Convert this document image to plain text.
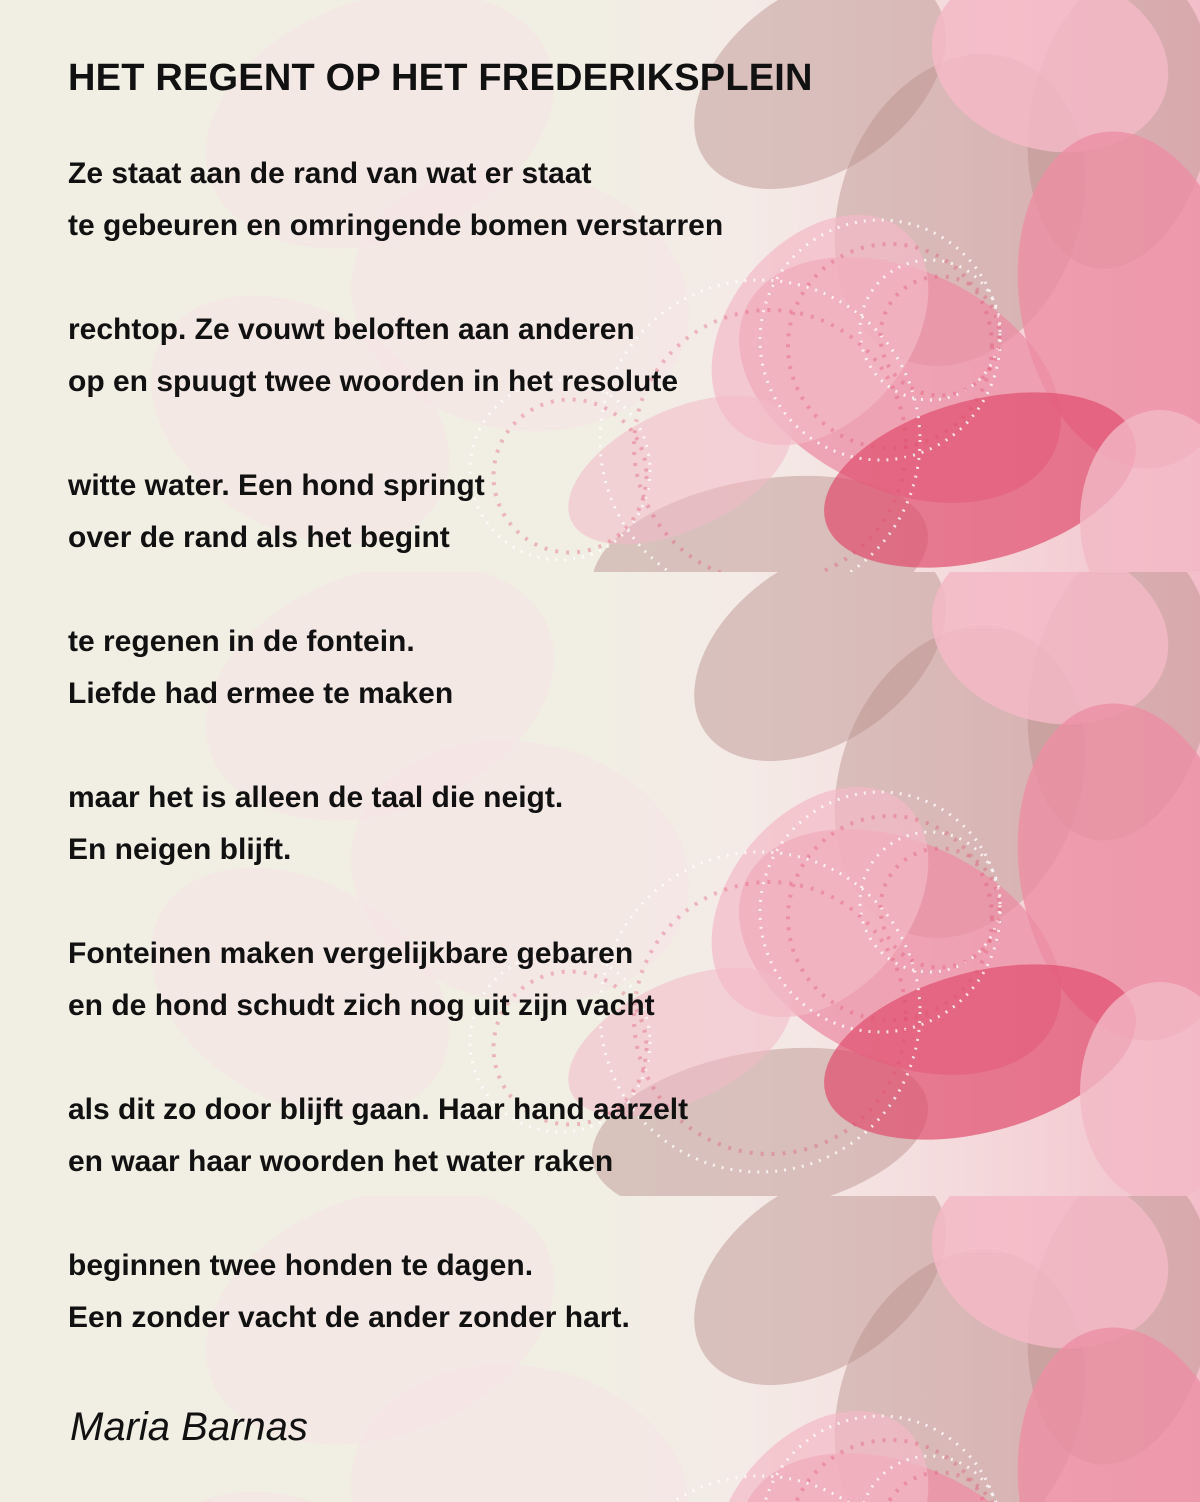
HET REGENT OP HET FREDERIKSPLEIN
Ze staat aan de rand van wat er staat
te gebeuren en omringende bomen verstarren
rechtop. Ze vouwt beloften aan anderen
op en spuugt twee woorden in het resolute
witte water. Een hond springt
over de rand als het begint
te regenen in de fontein.
Liefde had ermee te maken
maar het is alleen de taal die neigt.
En neigen blijft.
Fonteinen maken vergelijkbare gebaren
en de hond schudt zich nog uit zijn vacht
als dit zo door blijft gaan. Haar hand aarzelt
en waar haar woorden het water raken
beginnen twee honden te dagen.
Een zonder vacht de ander zonder hart.
Maria Barnas
